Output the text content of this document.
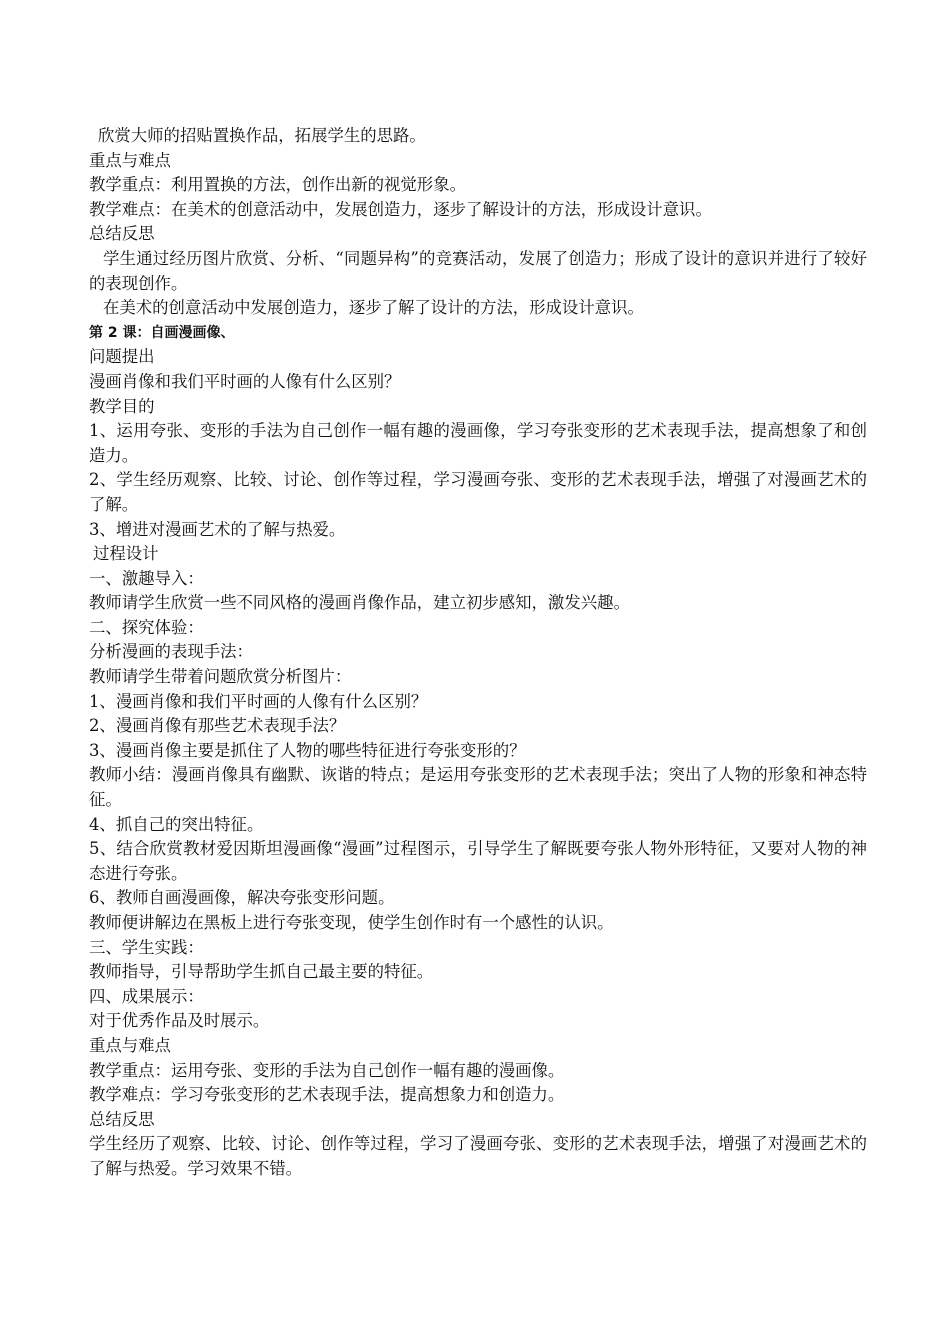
欣赏大师的招贴置换作品，拓展学生的思路。

重点与难点

教学重点：利用置换的方法，创作出新的视觉形象。

教学难点：在美术的创意活动中，发展创造力，逐步了解设计的方法，形成设计意识。

总结反思

学生通过经历图片欣赏、分析、“同题异构”的竞赛活动，发展了创造力；形成了设计的意识并进行了较好的表现创作。

在美术的创意活动中发展创造力，逐步了解了设计的方法，形成设计意识。

第 2 课：自画漫画像、

问题提出

漫画肖像和我们平时画的人像有什么区别？

教学目的

1、运用夸张、变形的手法为自己创作一幅有趣的漫画像，学习夸张变形的艺术表现手法，提高想象了和创造力。

2、学生经历观察、比较、讨论、创作等过程，学习漫画夸张、变形的艺术表现手法，增强了对漫画艺术的了解。

3、增进对漫画艺术的了解与热爱。

过程设计

一、激趣导入：

教师请学生欣赏一些不同风格的漫画肖像作品，建立初步感知，激发兴趣。

二、探究体验：

分析漫画的表现手法：

教师请学生带着问题欣赏分析图片：

1、漫画肖像和我们平时画的人像有什么区别？

2、漫画肖像有那些艺术表现手法？

3、漫画肖像主要是抓住了人物的哪些特征进行夸张变形的？

教师小结：漫画肖像具有幽默、诙谐的特点；是运用夸张变形的艺术表现手法；突出了人物的形象和神态特征。

4、抓自己的突出特征。

5、结合欣赏教材爱因斯坦漫画像“漫画”过程图示，引导学生了解既要夸张人物外形特征，又要对人物的神态进行夸张。

6、教师自画漫画像，解决夸张变形问题。

教师便讲解边在黑板上进行夸张变现，使学生创作时有一个感性的认识。

三、学生实践：

教师指导，引导帮助学生抓自己最主要的特征。

四、成果展示：

对于优秀作品及时展示。

重点与难点

教学重点：运用夸张、变形的手法为自己创作一幅有趣的漫画像。

教学难点：学习夸张变形的艺术表现手法，提高想象力和创造力。

总结反思

学生经历了观察、比较、讨论、创作等过程，学习了漫画夸张、变形的艺术表现手法，增强了对漫画艺术的了解与热爱。学习效果不错。
